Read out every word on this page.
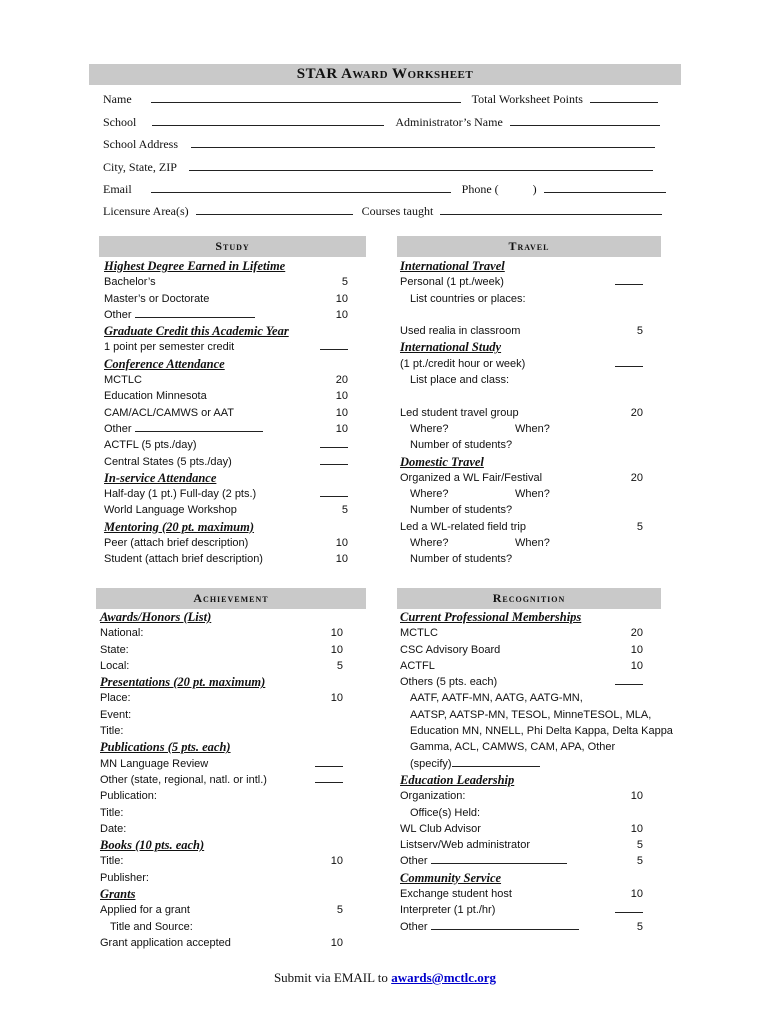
STAR Award Worksheet
Name	Total Worksheet Points
School	Administrator’s Name
School Address
City, State, ZIP
Email	Phone (	)
Licensure Area(s)	Courses taught
Study	Travel
Achievement	Recognition
Highest Degree Earned in Lifetime
Bachelor’s	5
Master’s or Doctorate	10
Other	10
Graduate Credit this Academic Year
1 point per semester credit
Conference Attendance
MCTLC	20
Education Minnesota	10
CAM/ACL/CAMWS or AAT	10
Other	10
ACTFL (5 pts./day)
Central States (5 pts./day)
In-service Attendance
Half-day (1 pt.) Full-day (2 pts.)
World Language Workshop	5
Mentoring (20 pt. maximum)
Peer (attach brief description)	10
Student (attach brief description)	10
International Travel
Personal (1 pt./week)
List countries or places:
Used realia in classroom	5
International Study
(1 pt./credit hour or week)
List place and class:
Led student travel group	20
Where?	When?
Number of students?
Domestic Travel
Organized a WL Fair/Festival	20
Where?	When?
Number of students?
Led a WL-related field trip	5
Where?	When?
Number of students?
Awards/Honors (List)
National:	10
State:	10
Local:	5
Presentations (20 pt. maximum)
Place:	10
Event:
Title:
Publications (5 pts. each)
MN Language Review
Other (state, regional, natl. or intl.)
Publication:
Title:
Date:
Books (10 pts. each)
Title:	10
Publisher:
Grants
Applied for a grant	5
Title and Source:
Grant application accepted	10
Current Professional Memberships
MCTLC	20
CSC Advisory Board	10
ACTFL	10
Others (5 pts. each)
AATF, AATF-MN, AATG, AATG-MN,
AATSP, AATSP-MN, TESOL, MinneTESOL, MLA,
Education MN, NNELL, Phi Delta Kappa, Delta Kappa
Gamma, ACL, CAMWS, CAM, APA, Other
(specify)
Education Leadership
Organization:	10
Office(s) Held:
WL Club Advisor	10
Listserv/Web administrator	5
Other	5
Community Service
Exchange student host	10
Interpreter (1 pt./hr)
Other	5
Submit via EMAIL to awards@mctlc.org
